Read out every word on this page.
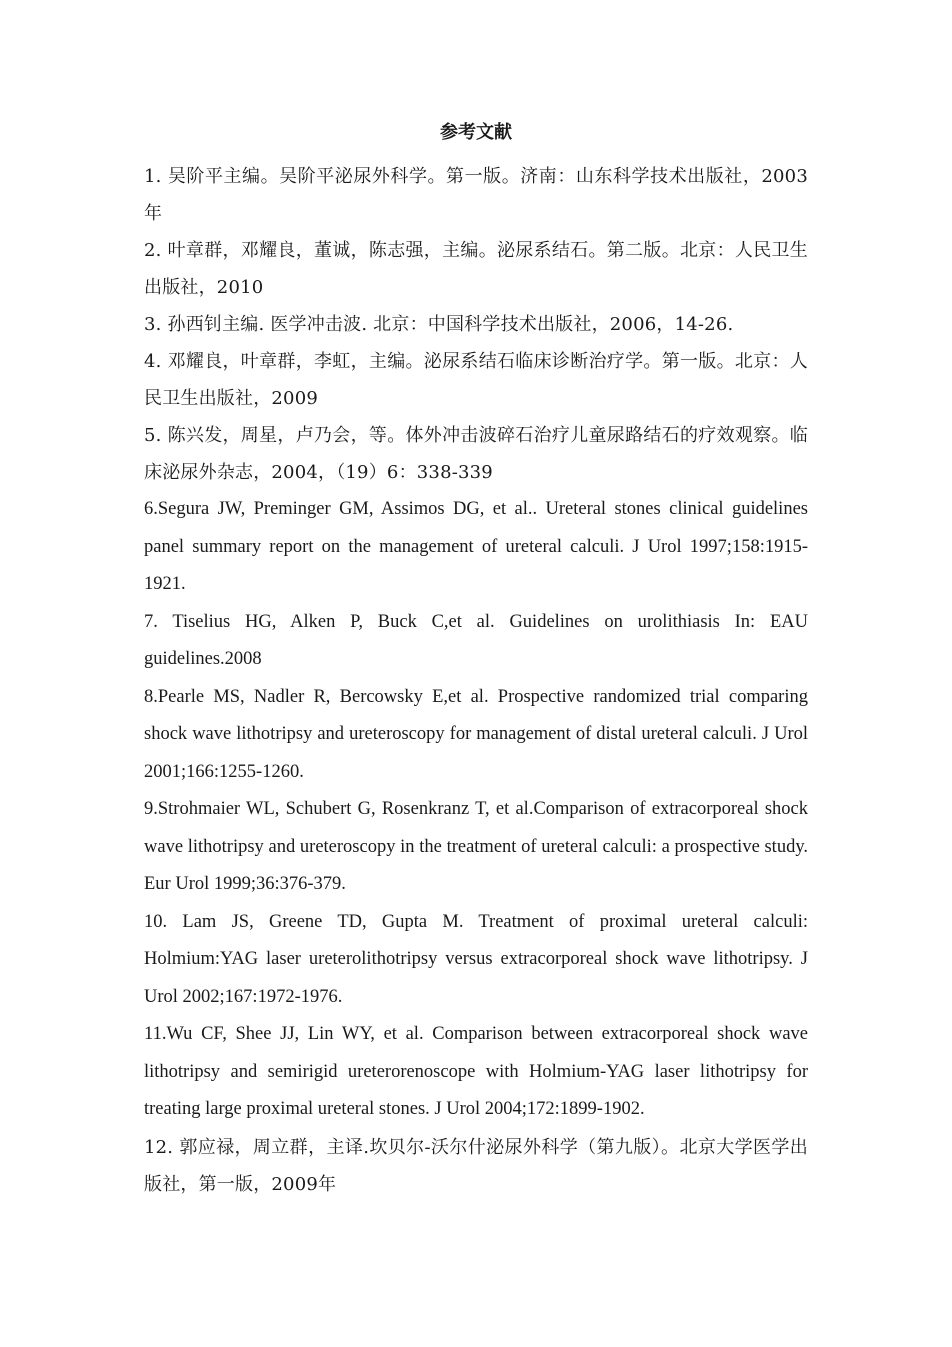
参考文献

1. 吴阶平主编。吴阶平泌尿外科学。第一版。济南：山东科学技术出版社，2003年

2. 叶章群，邓耀良，董诚，陈志强，主编。泌尿系结石。第二版。北京：人民卫生出版社，2010

3. 孙西钊主编. 医学冲击波. 北京：中国科学技术出版社，2006，14-26.

4. 邓耀良，叶章群，李虹，主编。泌尿系结石临床诊断治疗学。第一版。北京：人民卫生出版社，2009

5. 陈兴发，周星，卢乃会，等。体外冲击波碎石治疗儿童尿路结石的疗效观察。临床泌尿外杂志，2004，（19）6：338-339

6.Segura JW, Preminger GM, Assimos DG, et al.. Ureteral stones clinical guidelines panel summary report on the management of ureteral calculi. J Urol 1997;158:1915-1921.

7. Tiselius HG, Alken P, Buck C,et al. Guidelines on urolithiasis In: EAU guidelines.2008

8.Pearle MS, Nadler R, Bercowsky E,et al. Prospective randomized trial comparing shock wave lithotripsy and ureteroscopy for management of distal ureteral calculi. J Urol 2001;166:1255-1260.

9.Strohmaier WL, Schubert G, Rosenkranz T, et al.Comparison of extracorporeal shock wave lithotripsy and ureteroscopy in the treatment of ureteral calculi: a prospective study. Eur Urol 1999;36:376-379.

10. Lam JS, Greene TD, Gupta M. Treatment of proximal ureteral calculi: Holmium:YAG laser ureterolithotripsy versus extracorporeal shock wave lithotripsy. J Urol 2002;167:1972-1976.

11.Wu CF, Shee JJ, Lin WY, et al. Comparison between extracorporeal shock wave lithotripsy and semirigid ureterorenoscope with Holmium-YAG laser lithotripsy for treating large proximal ureteral stones. J Urol 2004;172:1899-1902.

12. 郭应禄，周立群，主译.坎贝尔-沃尔什泌尿外科学（第九版）。北京大学医学出版社，第一版，2009年
